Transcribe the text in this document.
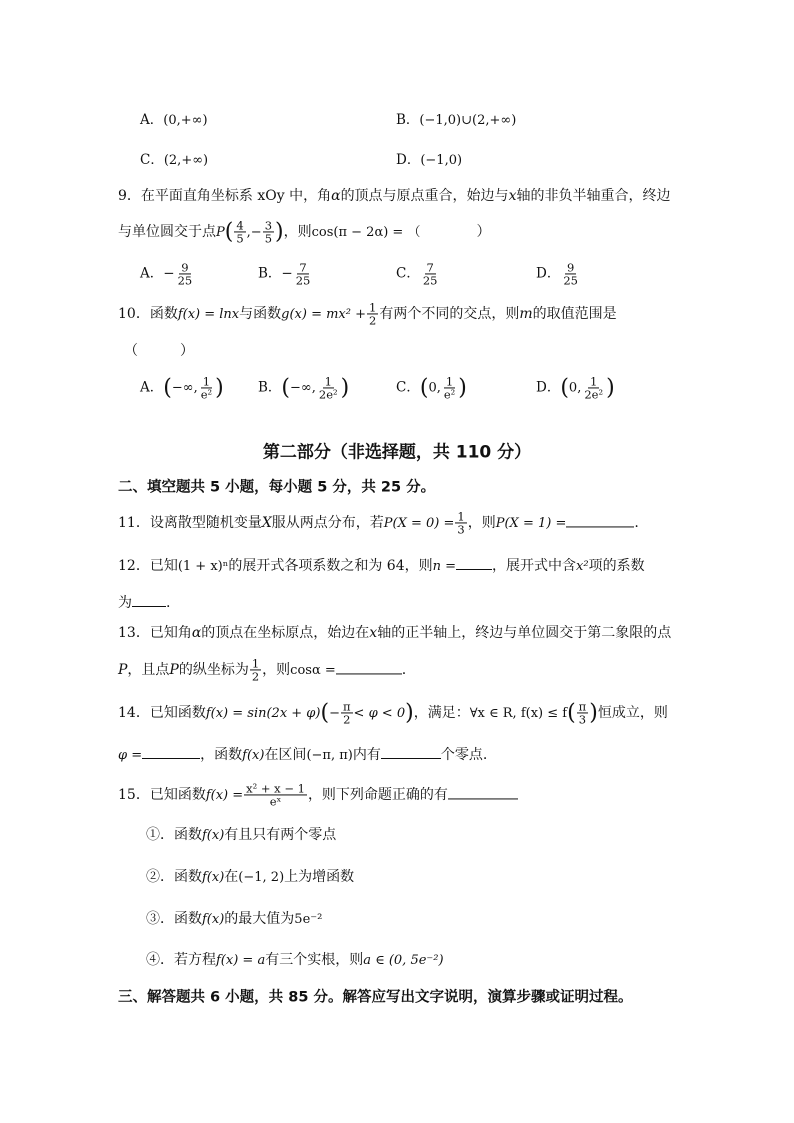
A．(0,+∞)	B．(−1,0)∪(2,+∞)
C．(2,+∞)	D．(−1,0)
9．在平面直角坐标系 xOy 中，角α的顶点与原点重合，始边与x轴的非负半轴重合，终边
与单位圆交于点$P( \frac{4}{5}$ ,− $\frac{3}{5}$ )，则cos(π − 2α) = （	）
A．− $\frac{9}{25}$	B．− $\frac{7}{25}$	C． $\frac{7}{25}$	D． $\frac{9}{25}$
10．函数f(x) = lnx与函数$g(x) = mx^2 + \frac{1}{2}$ 有两个不同的交点，则m的取值范围是
（　　　）
A．(−∞, $\frac{1}{\text{e²}}$ )	B．(−∞, $\frac{1}{\text{2e²}}$ )	C．(0, $\frac{1}{\text{e²}}$ )	D．(0, $\frac{1}{\text{2e²}}$ )
第二部分（非选择题，共 110 分）
二、填空题共 5 小题，每小题 5 分，共 25 分。
11．设离散型随机变量X服从两点分布，若$P(X = 0) = \frac{1}{3}$ ，则P(X = 1) =	.
12．已知(1 + x)ⁿ的展开式各项系数之和为 64，则n =	，展开式中含x²项的系数
为 .
13．已知角α的顶点在坐标原点，始边在x轴的正半轴上，终边与单位圆交于第二象限的点
P，且点P的纵坐标为 $\frac{1}{2}$ ，则cosα =	.
14．已知函数$f(x) = \sin(2x + \varphi)(- \frac{\pi}{2} < \varphi < 0)$，满足：∀x ∈ R, $f(x) \le f( \frac{\pi}{3}$ )恒成立，则
φ =	，函数f(x)在区间(−π, π)内有	个零点.
15．已知函数$f(x) = \frac{\text{x² + x − 1}}{\text{eˣ}}$ ，则下列命题正确的有
①．函数f(x)有且只有两个零点
②．函数f(x)在(−1, 2)上为增函数
③．函数f(x)的最大值为5e⁻²
④．若方程f(x) = a有三个实根，则a ∈ (0, 5e⁻²)
三、解答题共 6 小题，共 85 分。解答应写出文字说明，演算步骤或证明过程。
